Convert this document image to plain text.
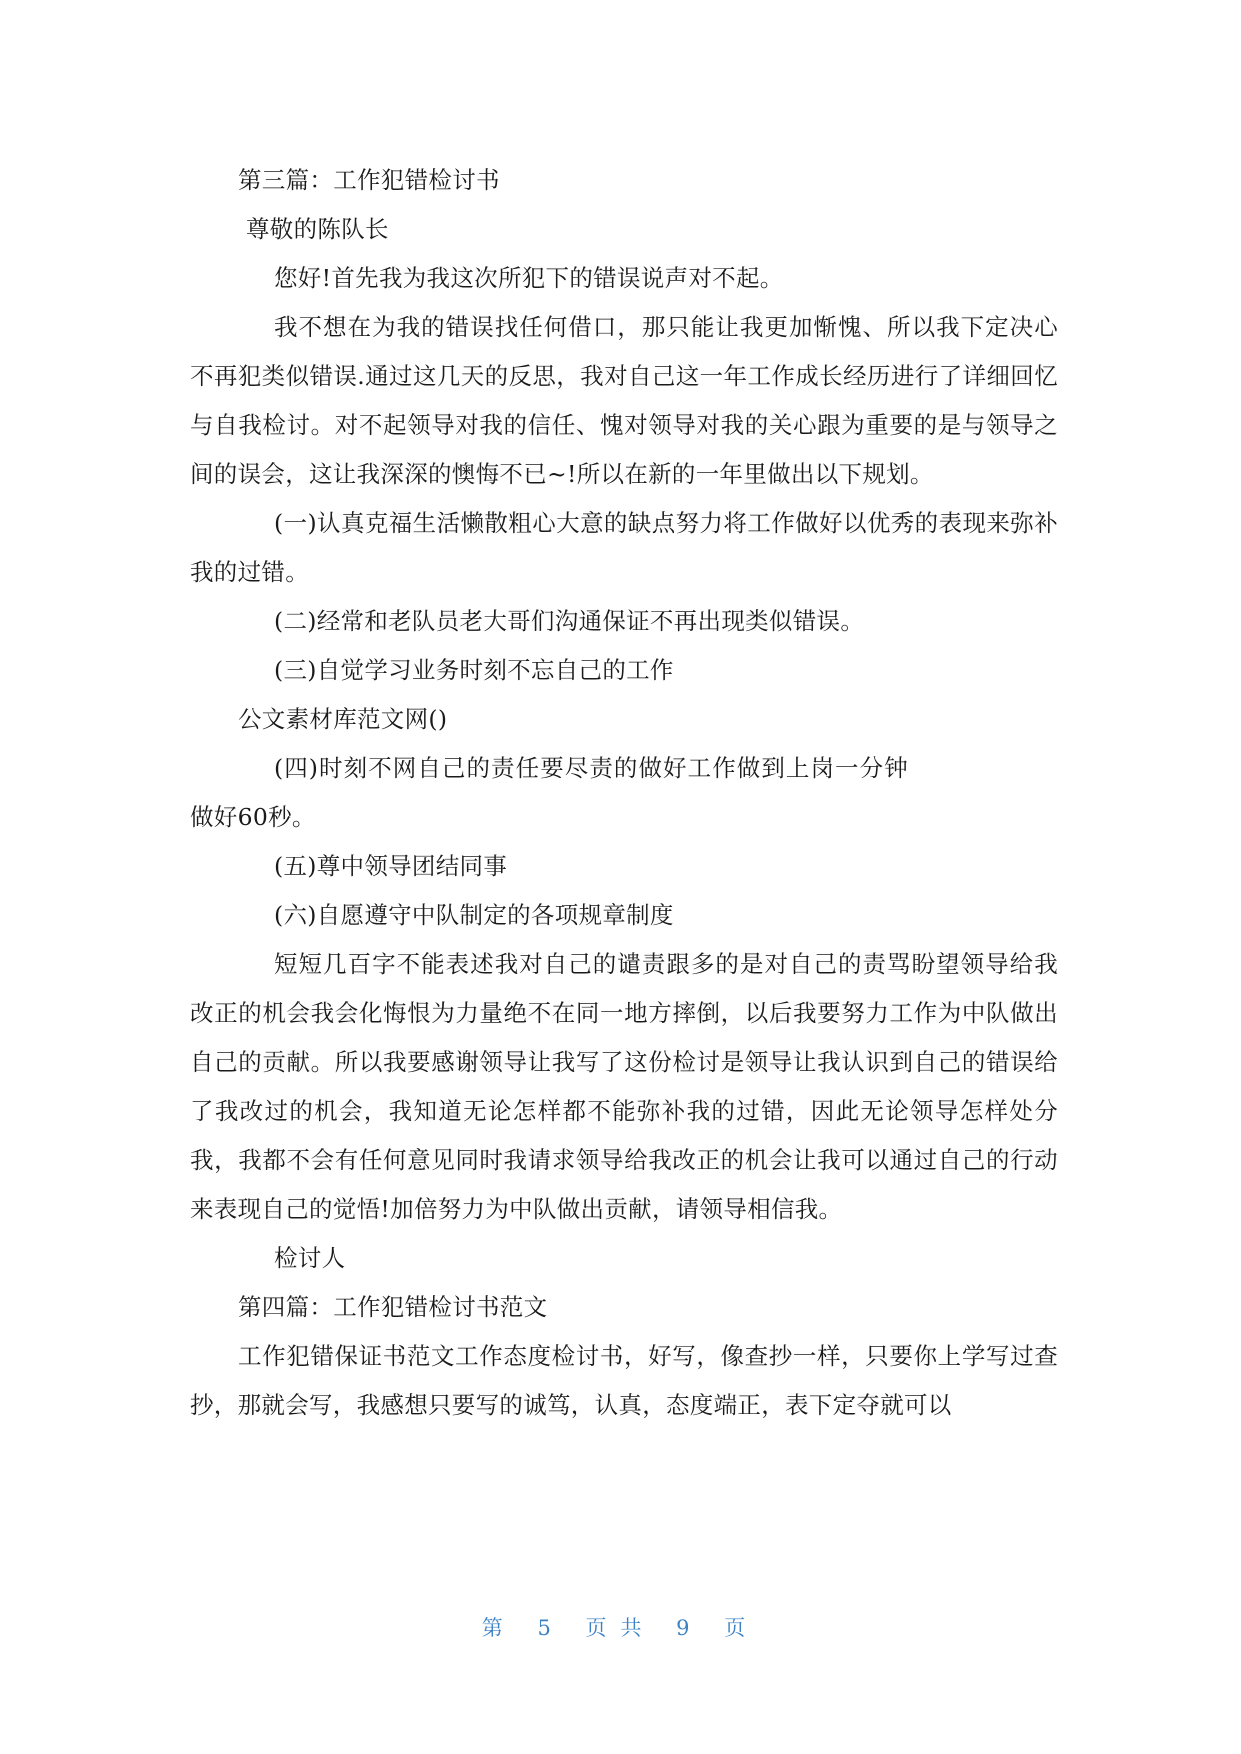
第三篇：工作犯错检讨书

尊敬的陈队长

您好!首先我为我这次所犯下的错误说声对不起。

我不想在为我的错误找任何借口，那只能让我更加惭愧、所以我下定决心不再犯类似错误.通过这几天的反思，我对自己这一年工作成长经历进行了详细回忆与自我检讨。对不起领导对我的信任、愧对领导对我的关心跟为重要的是与领导之间的误会，这让我深深的懊悔不已~!所以在新的一年里做出以下规划。

(一)认真克福生活懒散粗心大意的缺点努力将工作做好以优秀的表现来弥补我的过错。

(二)经常和老队员老大哥们沟通保证不再出现类似错误。

(三)自觉学习业务时刻不忘自己的工作

公文素材库范文网()

(四)时刻不网自己的责任要尽责的做好工作做到上岗一分钟做好60秒。

(五)尊中领导团结同事

(六)自愿遵守中队制定的各项规章制度

短短几百字不能表述我对自己的谴责跟多的是对自己的责骂盼望领导给我改正的机会我会化悔恨为力量绝不在同一地方摔倒，以后我要努力工作为中队做出自己的贡献。所以我要感谢领导让我写了这份检讨是领导让我认识到自己的错误给了我改过的机会，我知道无论怎样都不能弥补我的过错，因此无论领导怎样处分我，我都不会有任何意见同时我请求领导给我改正的机会让我可以通过自己的行动来表现自己的觉悟!加倍努力为中队做出贡献，请领导相信我。

检讨人

第四篇：工作犯错检讨书范文

工作犯错保证书范文工作态度检讨书，好写，像查抄一样，只要你上学写过查抄，那就会写，我感想只要写的诚笃，认真，态度端正，表下定夺就可以

第 5 页共 9 页
